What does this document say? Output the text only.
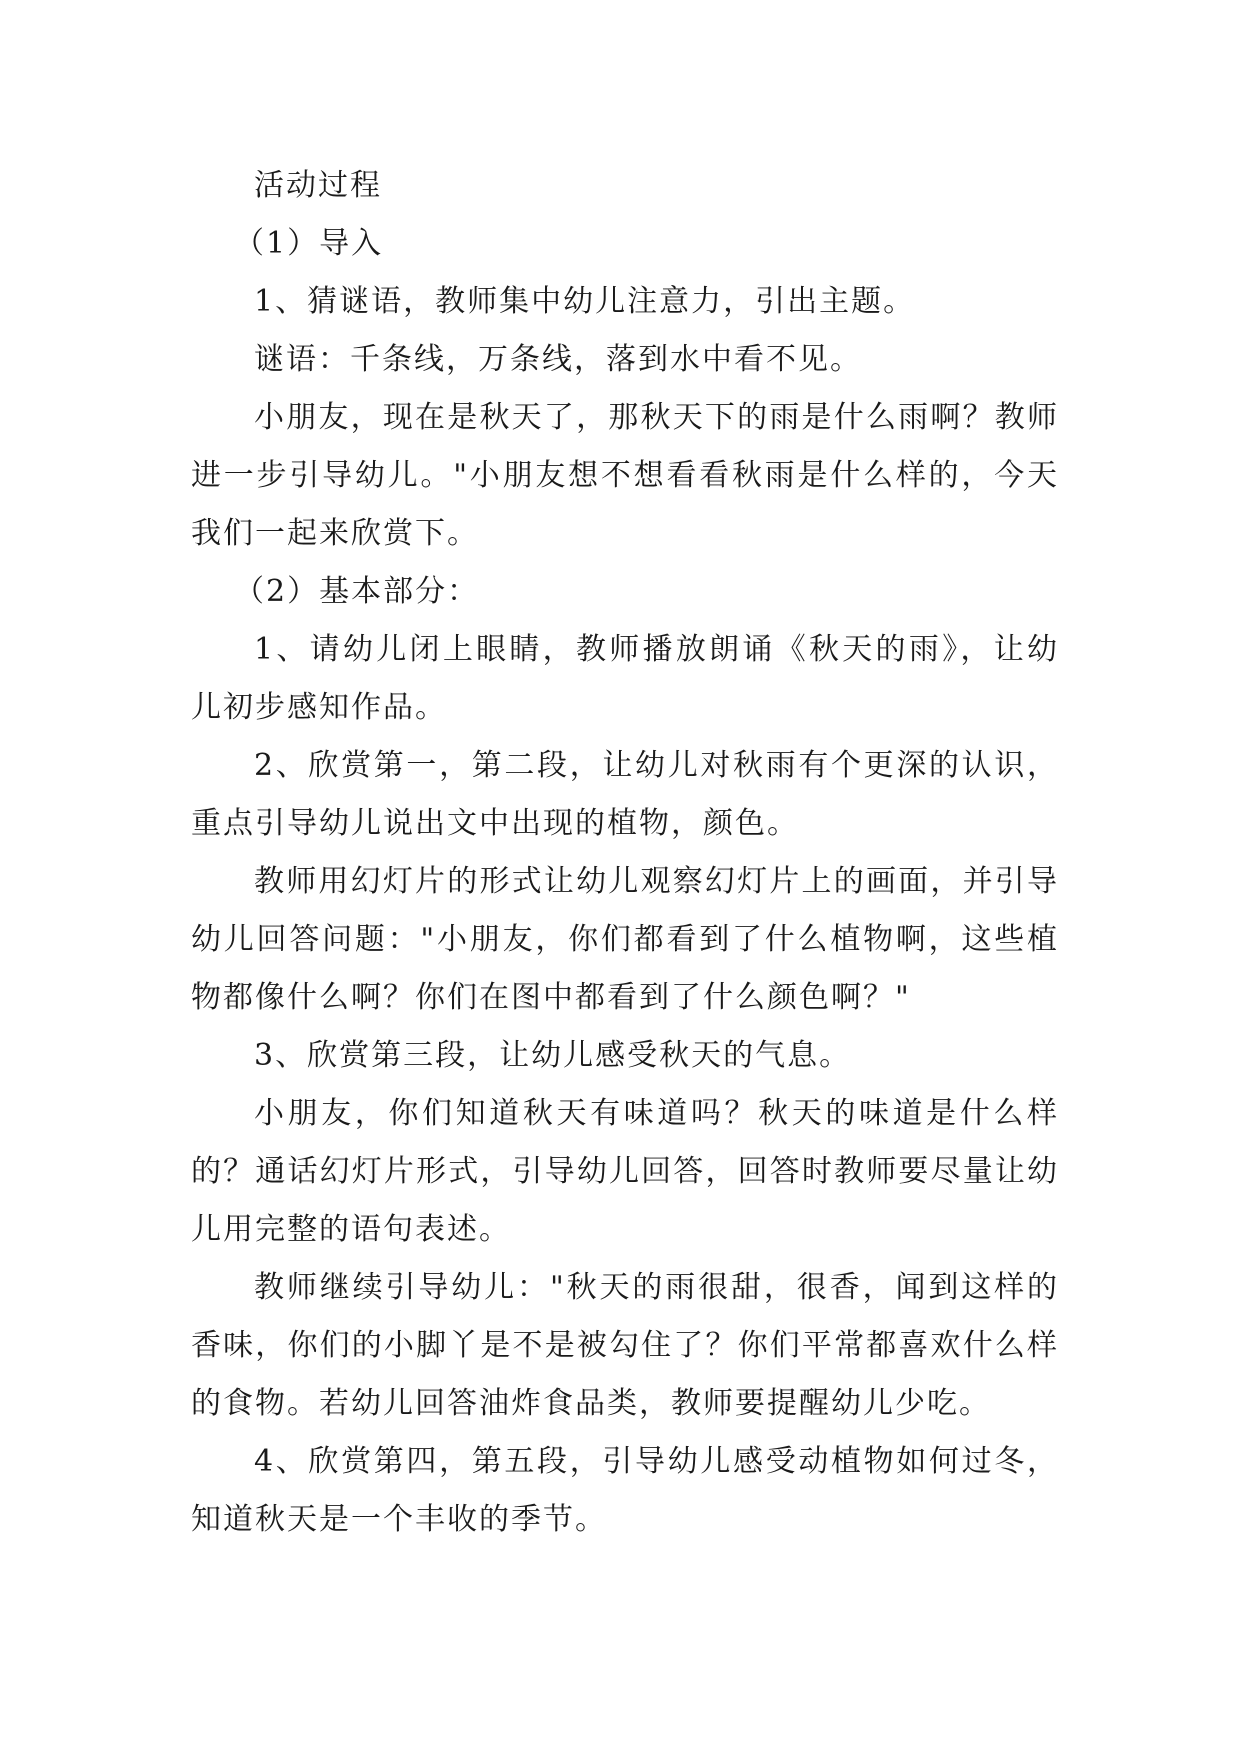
活动过程

（1）导入

1、猜谜语，教师集中幼儿注意力，引出主题。

谜语：千条线，万条线，落到水中看不见。

小朋友，现在是秋天了，那秋天下的雨是什么雨啊？教师进一步引导幼儿。"小朋友想不想看看秋雨是什么样的，今天我们一起来欣赏下。

（2）基本部分：

1、请幼儿闭上眼睛，教师播放朗诵《秋天的雨》，让幼儿初步感知作品。

2、欣赏第一，第二段，让幼儿对秋雨有个更深的认识，重点引导幼儿说出文中出现的植物，颜色。

教师用幻灯片的形式让幼儿观察幻灯片上的画面，并引导幼儿回答问题："小朋友，你们都看到了什么植物啊，这些植物都像什么啊？你们在图中都看到了什么颜色啊？"

3、欣赏第三段，让幼儿感受秋天的气息。

小朋友，你们知道秋天有味道吗？秋天的味道是什么样的？通话幻灯片形式，引导幼儿回答，回答时教师要尽量让幼儿用完整的语句表述。

教师继续引导幼儿："秋天的雨很甜，很香，闻到这样的香味，你们的小脚丫是不是被勾住了？你们平常都喜欢什么样的食物。若幼儿回答油炸食品类，教师要提醒幼儿少吃。

4、欣赏第四，第五段，引导幼儿感受动植物如何过冬，知道秋天是一个丰收的季节。
